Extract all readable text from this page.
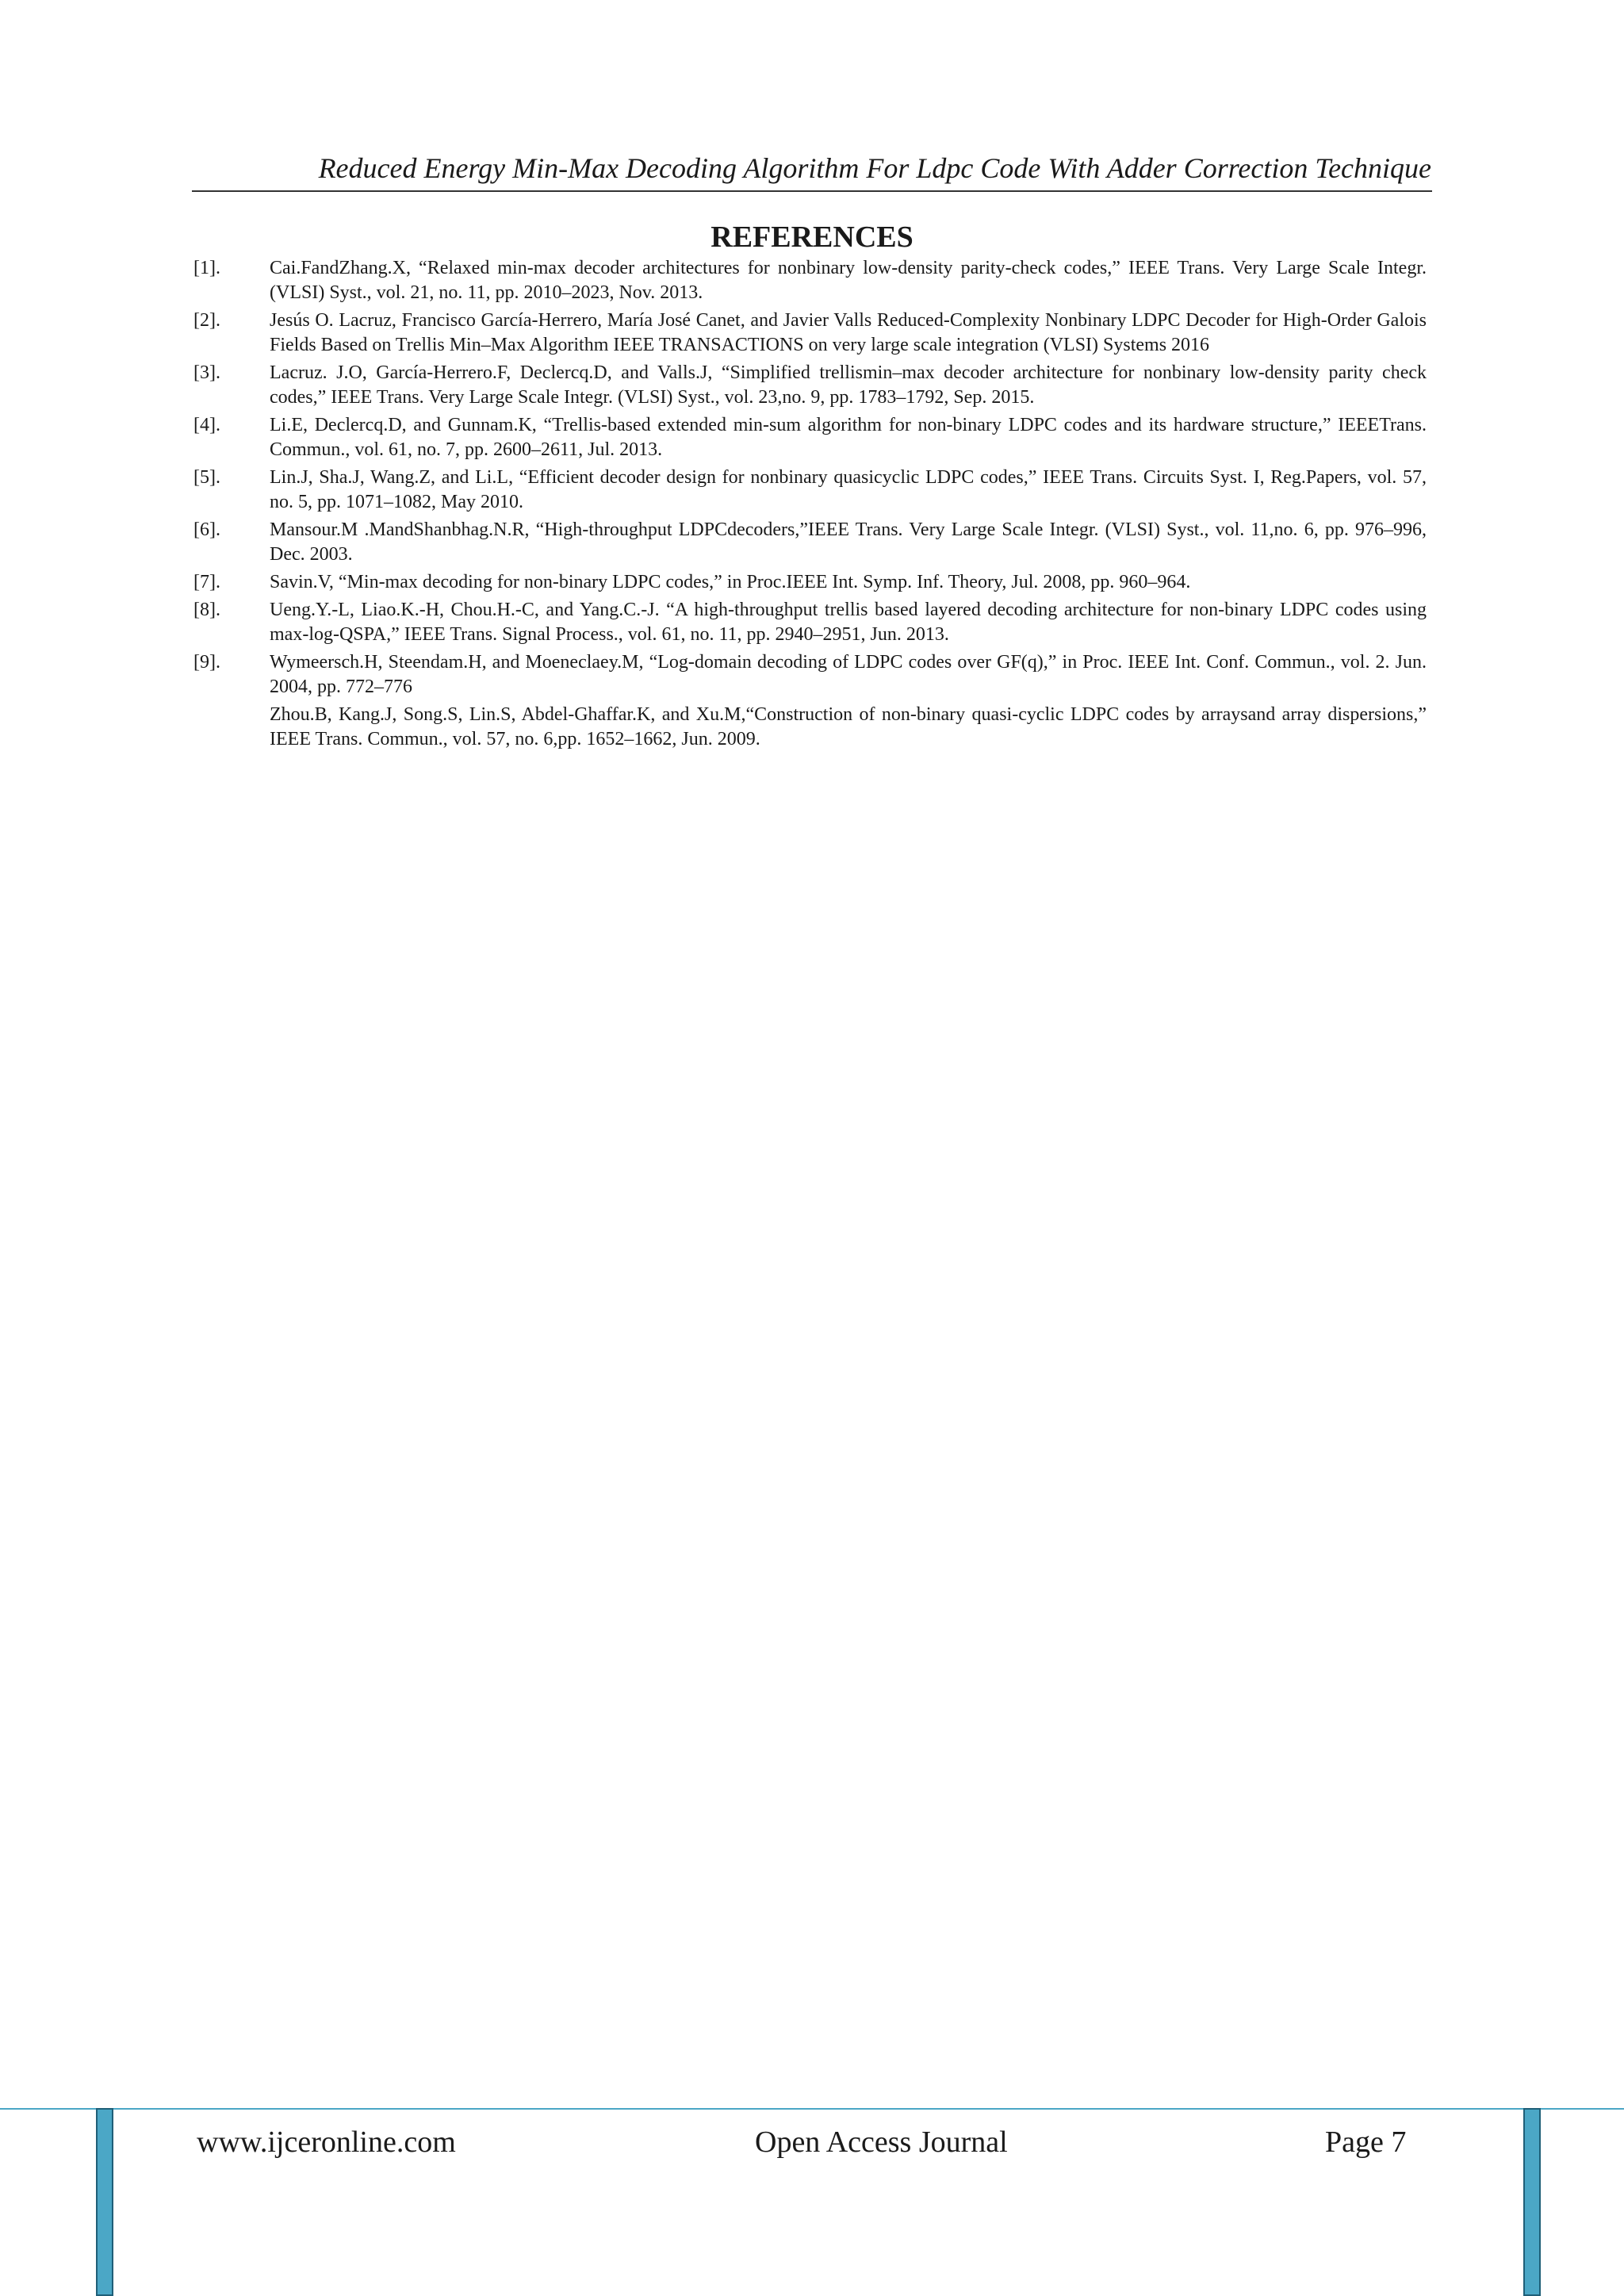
Reduced Energy Min-Max Decoding Algorithm For Ldpc Code With Adder Correction Technique
REFERENCES
[1].	Cai.FandZhang.X, “Relaxed min-max decoder architectures for nonbinary low-density parity-check codes,” IEEE Trans. Very Large Scale Integr. (VLSI) Syst., vol. 21, no. 11, pp. 2010–2023, Nov. 2013.
[2].	Jesús O. Lacruz, Francisco García-Herrero, María José Canet, and Javier Valls Reduced-Complexity Nonbinary LDPC Decoder for High-Order Galois Fields Based on Trellis Min–Max Algorithm IEEE TRANSACTIONS on very large scale integration (VLSI) Systems 2016
[3].	Lacruz. J.O, García-Herrero.F, Declercq.D, and Valls.J, “Simplified trellismin–max decoder architecture for nonbinary low-density parity check codes,” IEEE Trans. Very Large Scale Integr. (VLSI) Syst., vol. 23,no. 9, pp. 1783–1792, Sep. 2015.
[4].	Li.E, Declercq.D, and Gunnam.K, “Trellis-based extended min-sum algorithm for non-binary LDPC codes and its hardware structure,” IEEETrans. Commun., vol. 61, no. 7, pp. 2600–2611, Jul. 2013.
[5].	Lin.J, Sha.J, Wang.Z, and Li.L, “Efficient decoder design for nonbinary quasicyclic LDPC codes,” IEEE Trans. Circuits Syst. I, Reg.Papers, vol. 57, no. 5, pp. 1071–1082, May 2010.
[6].	Mansour.M .MandShanbhag.N.R, “High-throughput LDPCdecoders,”IEEE Trans. Very Large Scale Integr. (VLSI) Syst., vol. 11,no. 6, pp. 976–996, Dec. 2003.
[7].	Savin.V, “Min-max decoding for non-binary LDPC codes,” in Proc.IEEE Int. Symp. Inf. Theory, Jul. 2008, pp. 960–964.
[8].	Ueng.Y.-L, Liao.K.-H, Chou.H.-C, and Yang.C.-J. “A high-throughput trellis based layered decoding architecture for non-binary LDPC codes using max-log-QSPA,” IEEE Trans. Signal Process., vol. 61, no. 11, pp. 2940–2951, Jun. 2013.
[9].	Wymeersch.H, Steendam.H, and Moeneclaey.M, “Log-domain decoding of LDPC codes over GF(q),” in Proc. IEEE Int. Conf. Commun., vol. 2. Jun. 2004, pp. 772–776
Zhou.B, Kang.J, Song.S, Lin.S, Abdel-Ghaffar.K, and Xu.M,“Construction of non-binary quasi-cyclic LDPC codes by arraysand array dispersions,” IEEE Trans. Commun., vol. 57, no. 6,pp. 1652–1662, Jun. 2009.
www.ijceronline.com	Open Access Journal	Page 7
